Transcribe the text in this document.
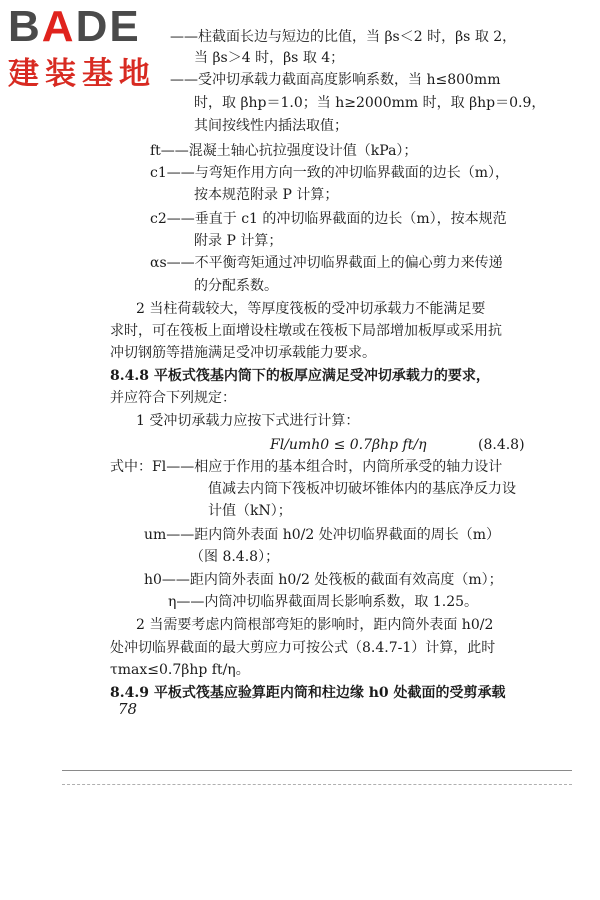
BADE
建装基地
——柱截面长边与短边的比值，当 βs＜2 时，βs 取 2，
当 βs＞4 时，βs 取 4；
——受冲切承载力截面高度影响系数，当 h≤800mm
时，取 βhp＝1.0；当 h≥2000mm 时，取 βhp＝0.9，
其间按线性内插法取值；
ft——混凝土轴心抗拉强度设计值（kPa）；
c1——与弯矩作用方向一致的冲切临界截面的边长（m），
按本规范附录 P 计算；
c2——垂直于 c1 的冲切临界截面的边长（m），按本规范
附录 P 计算；
αs——不平衡弯矩通过冲切临界截面上的偏心剪力来传递
的分配系数。
2 当柱荷载较大，等厚度筏板的受冲切承载力不能满足要
求时，可在筏板上面增设柱墩或在筏板下局部增加板厚或采用抗
冲切钢筋等措施满足受冲切承载能力要求。
8.4.8 平板式筏基内筒下的板厚应满足受冲切承载力的要求，
并应符合下列规定：
1 受冲切承载力应按下式进行计算：
Fl/umh0 ≤ 0.7βhp ft/η	(8.4.8)
式中：Fl——相应于作用的基本组合时，内筒所承受的轴力设计
值减去内筒下筏板冲切破坏锥体内的基底净反力设
计值（kN）；
um——距内筒外表面 h0/2 处冲切临界截面的周长（m）
（图 8.4.8）；
h0——距内筒外表面 h0/2 处筏板的截面有效高度（m）；
η——内筒冲切临界截面周长影响系数，取 1.25。
2 当需要考虑内筒根部弯矩的影响时，距内筒外表面 h0/2
处冲切临界截面的最大剪应力可按公式（8.4.7-1）计算，此时
τmax≤0.7βhp ft/η。
8.4.9 平板式筏基应验算距内筒和柱边缘 h0 处截面的受剪承载
78
